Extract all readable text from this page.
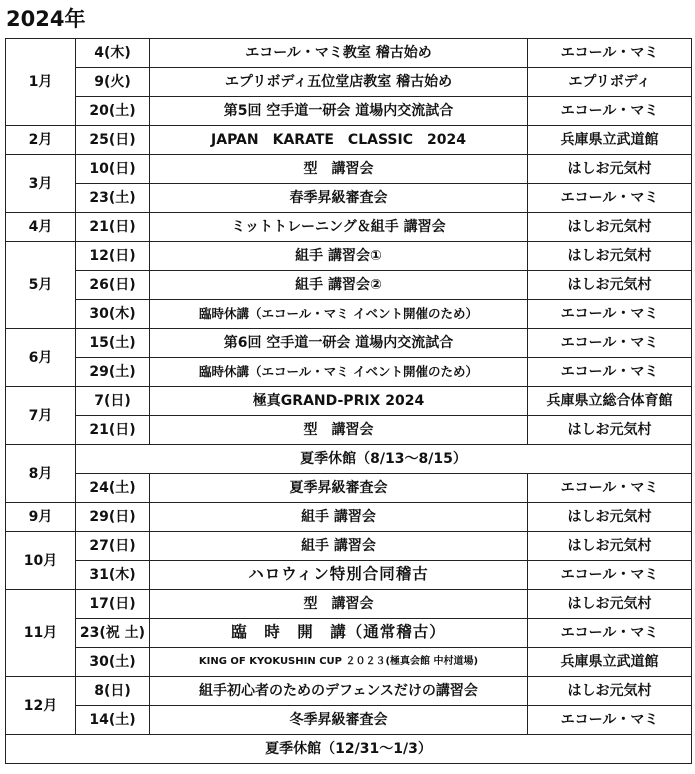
2024年
1月	4(木)	エコール・マミ教室 稽古始め	エコール・マミ
	9(火)	エプリボディ五位堂店教室 稽古始め	エプリボディ
	20(土)	第5回 空手道一研会 道場内交流試合	エコール・マミ
2月	25(日)	JAPAN　KARATE　CLASSIC　2024	兵庫県立武道館
3月	10(日)	型　講習会	はしお元気村
	23(土)	春季昇級審査会	エコール・マミ
4月	21(日)	ミットトレーニング＆組手 講習会	はしお元気村
5月	12(日)	組手 講習会①	はしお元気村
	26(日)	組手 講習会②	はしお元気村
	30(木)	臨時休講（エコール・マミ イベント開催のため）	エコール・マミ
6月	15(土)	第6回 空手道一研会 道場内交流試合	エコール・マミ
	29(土)	臨時休講（エコール・マミ イベント開催のため）	エコール・マミ
7月	7(日)	極真GRAND-PRIX 2024	兵庫県立総合体育館
	21(日)	型　講習会	はしお元気村
8月	夏季休館（8/13〜8/15）		
	24(土)	夏季昇級審査会	エコール・マミ
9月	29(日)	組手 講習会	はしお元気村
10月	27(日)	組手 講習会	はしお元気村
	31(木)	ハロウィン特別合同稽古	エコール・マミ
11月	17(日)	型　講習会	はしお元気村
	23(祝 土)	臨　時　開　講（通常稽古）	エコール・マミ
	30(土)	KING OF KYOKUSHIN CUP ２０２３(極真会館 中村道場)	兵庫県立武道館
12月	8(日)	組手初心者のためのデフェンスだけの講習会	はしお元気村
	14(土)	冬季昇級審査会	エコール・マミ
夏季休館（12/31〜1/3）			
